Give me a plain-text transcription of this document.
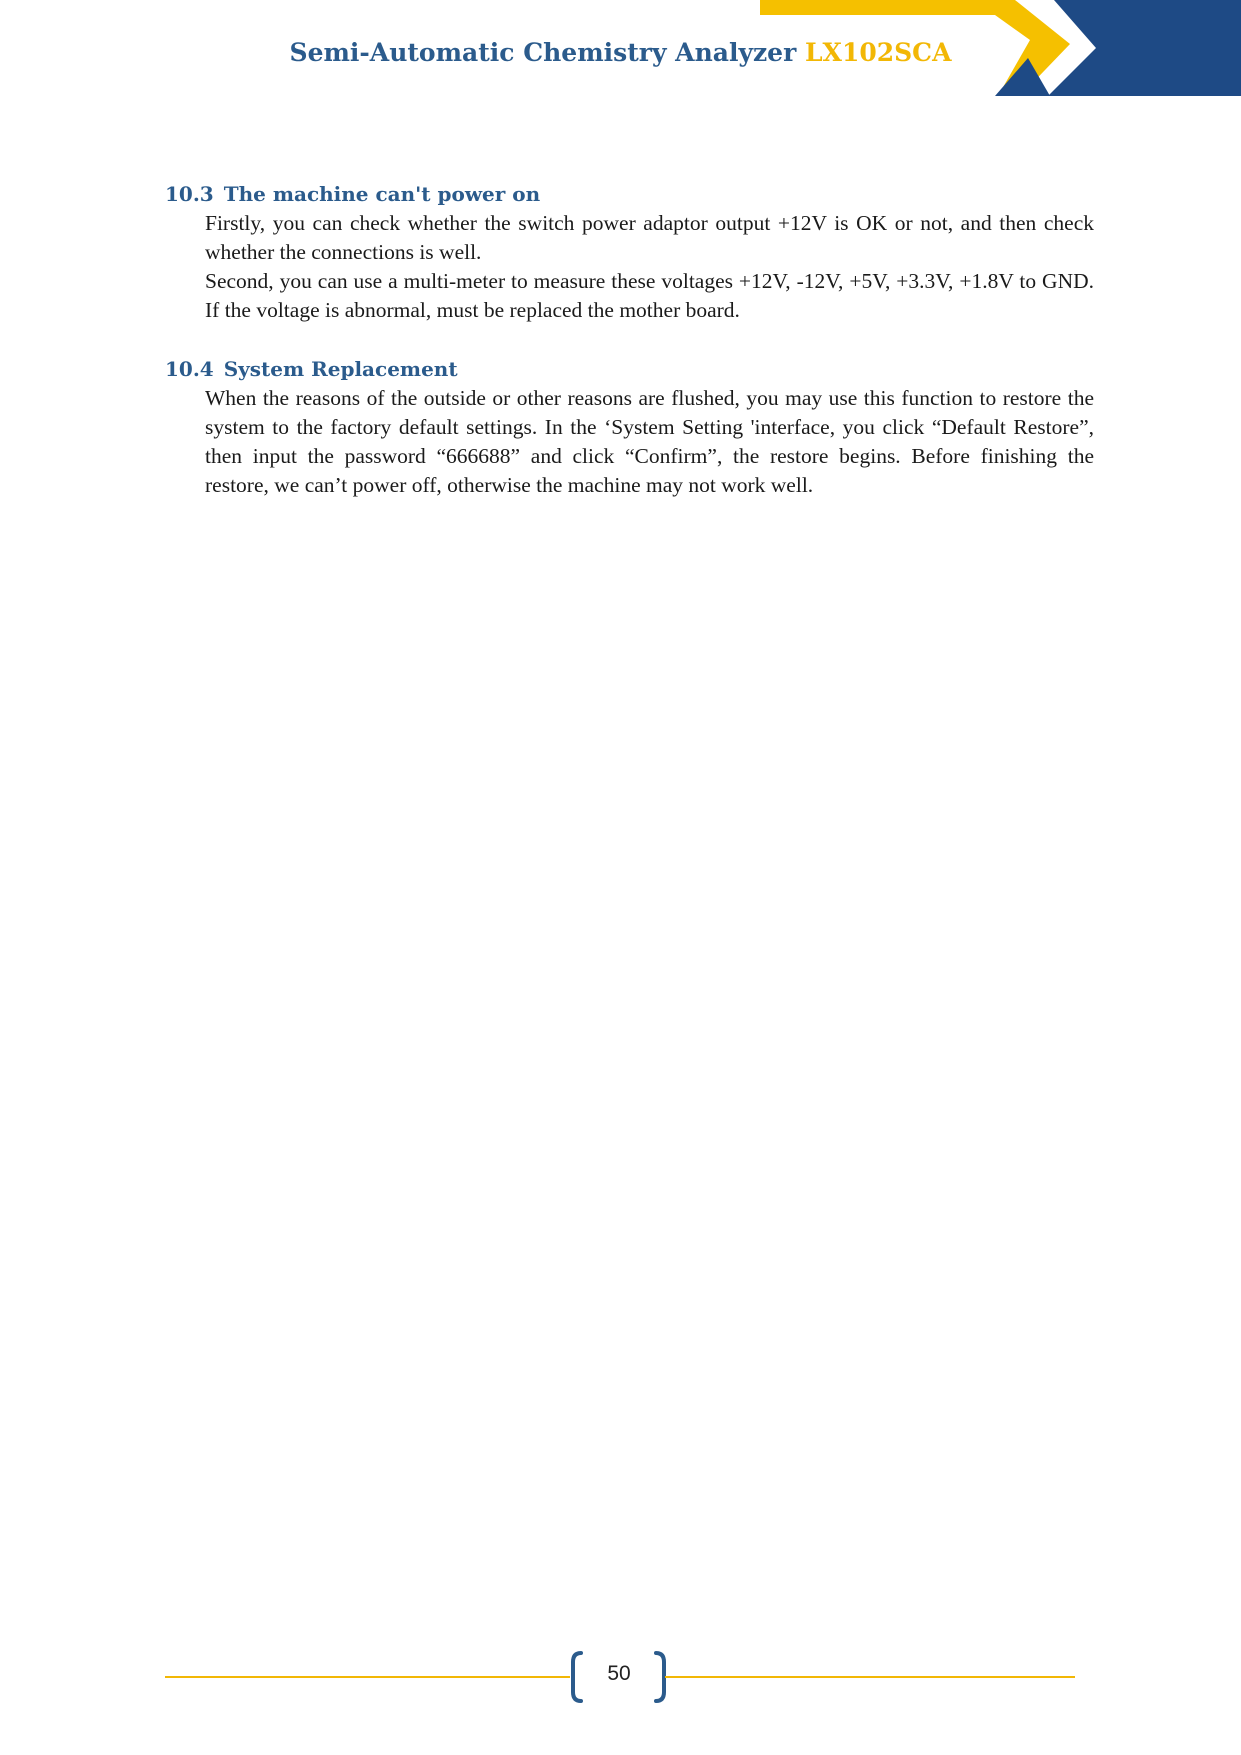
Semi-Automatic Chemistry Analyzer LX102SCA
10.3 The machine can't power on

Firstly, you can check whether the switch power adaptor output +12V is OK or not, and then check whether the connections is well.

Second, you can use a multi-meter to measure these voltages +12V, -12V, +5V, +3.3V, +1.8V to GND. If the voltage is abnormal, must be replaced the mother board.

10.4 System Replacement

When the reasons of the outside or other reasons are flushed, you may use this function to restore the system to the factory default settings. In the ‘System Setting 'interface, you click “Default Restore”, then input the password “666688” and click “Confirm”, the restore begins. Before finishing the restore, we can’t power off, otherwise the machine may not work well.

50
